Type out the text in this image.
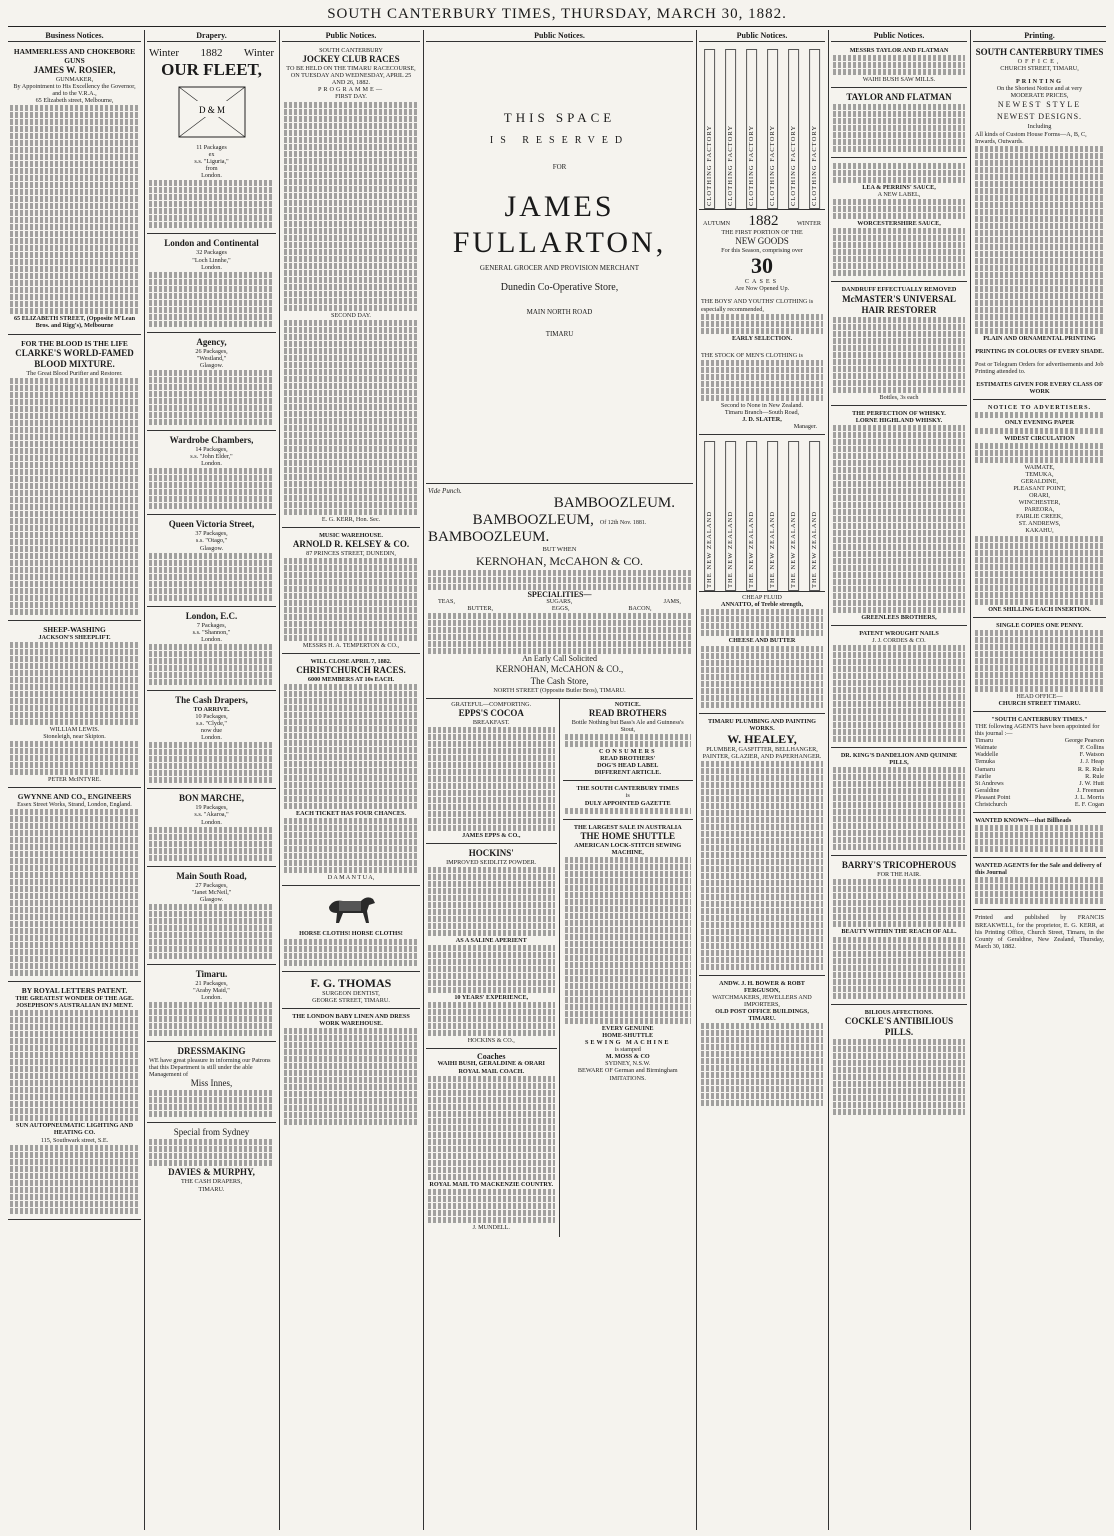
SOUTH CANTERBURY TIMES, THURSDAY, MARCH 30, 1882.
Business Notices.
HAMMERLESS AND CHOKEBORE GUNS
JAMES W. ROSIER,
GUNMAKER,
By Appointment to His Excellency the Governor, and to the V.R.A.,
65 Elizabeth street, Melbourne,
65 ELIZABETH STREET, (Opposite M'Lean Bros. and Rigg's), Melbourne
FOR THE BLOOD IS THE LIFE
CLARKE'S WORLD-FAMED BLOOD MIXTURE.
The Great Blood Purifier and Restorer.
SHEEP-WASHING
JACKSON'S SHEEPLIFT.
WILLIAM LEWIS.
Stoneleigh, near Skipton.
PETER McINTYRE.
GWYNNE AND CO., ENGINEERS
Essex Street Works, Strand, London, England.
BY ROYAL LETTERS PATENT.
THE GREATEST WONDER OF THE AGE.
JOSEPHSON'S AUSTRALIAN INJ MENT.
SUN AUTOPNEUMATIC LIGHTING AND HEATING CO.
115, Southwark street, S.E.
Drapery.
Winter 1882 Winter
OUR FLEET,
D & M
11 Packages
ex
s.s. "Liguria,"
from
London.
London and Continental
32 Packages
"Loch Linnhe,"
London.
Agency,
26 Packages,
"Westland,"
Glasgow.
Wardrobe Chambers,
14 Packages,
s.s. "John Elder,"
London.
Queen Victoria Street,
37 Packages,
s.s. "Otago,"
Glasgow.
London, E.C.
7 Packages,
s.s. "Shannon,"
London.
The Cash Drapers,
TO ARRIVE.
10 Packages,
s.s. "Clyde,"
now due
London.
BON MARCHE,
19 Packages,
s.s. "Akaroa,"
London.
Main South Road,
27 Packages,
"Janet McNeil,"
Glasgow.
Timaru.
21 Packages,
"Araby Maid,"
London.
DRESSMAKING
WE have great pleasure in informing our Patrons that this Department is still under the able Management of
Miss Innes,
Special from Sydney
DAVIES & MURPHY,
THE CASH DRAPERS,
TIMARU.
Public Notices.
SOUTH CANTERBURY
JOCKEY CLUB RACES
TO BE HELD ON THE TIMARU RACECOURSE,
ON TUESDAY AND WEDNESDAY, APRIL 25 AND 26, 1882.
PROGRAMME—
FIRST DAY.
SECOND DAY.
E. G. KERR, Hon. Sec.
MUSIC WAREHOUSE.
ARNOLD R. KELSEY & CO.
87 PRINCES STREET, DUNEDIN,
MESSRS H. A. TEMPERTON & CO.,
WILL CLOSE APRIL 7, 1882.
CHRISTCHURCH RACES.
6000 MEMBERS AT 10s EACH.
EACH TICKET HAS FOUR CHANCES.
D A M A N T U A,
HORSE CLOTHS! HORSE CLOTHS!
F. G. THOMAS
SURGEON DENTIST,
GEORGE STREET, TIMARU.
THE LONDON BABY LINEN AND DRESS WORK WAREHOUSE.
Public Notices.
THIS SPACE
IS RESERVED
FOR
JAMES FULLARTON,
GENERAL GROCER AND PROVISION MERCHANT
Dunedin Co-Operative Store,
MAIN NORTH ROAD
TIMARU
Vide Punch.
BAMBOOZLEUM.
BAMBOOZLEUM, Of 12th Nov. 1881.
BAMBOOZLEUM.
BUT WHEN
KERNOHAN, McCAHON & CO.
SPECIALITIES—
TEAS,	SUGARS,	JAMS,
BUTTER,	EGGS,	BACON,
An Early Call Solicited
KERNOHAN, McCAHON & CO.,
The Cash Store,
NORTH STREET (Opposite Butler Bros), TIMARU.
GRATEFUL—COMFORTING.
EPPS'S COCOA
BREAKFAST.
JAMES EPPS & CO.,
HOCKINS'
IMPROVED SEIDLITZ POWDER.
AS A SALINE APERIENT
10 YEARS' EXPERIENCE,
HOCKINS & CO.,
Coaches
WAIHI BUSH, GERALDINE & ORARI ROYAL MAIL COACH.
ROYAL MAIL TO MACKENZIE COUNTRY.
J. MUNDELL.
NOTICE.
READ BROTHERS
Bottle Nothing but Bass's Ale and Guinness's Stout,
CONSUMERS
READ BROTHERS'
DOG'S HEAD LABEL
DIFFERENT ARTICLE.
THE SOUTH CANTERBURY TIMES
is
DULY APPOINTED GAZETTE
THE LARGEST SALE IN AUSTRALIA
THE HOME SHUTTLE
AMERICAN LOCK-STITCH SEWING MACHINE,
EVERY GENUINE
HOME-SHUTTLE
SEWING MACHINE
is stamped
M. MOSS & CO
SYDNEY, N.S.W.
BEWARE OF German and Birmingham IMITATIONS.
Public Notices.
CLOTHING FACTORY	CLOTHING FACTORY	CLOTHING FACTORY	CLOTHING FACTORY	CLOTHING FACTORY	CLOTHING FACTORY
AUTUMN 1882	WINTER
THE FIRST PORTION OF THE
NEW GOODS
For this Season, comprising over
30
CASES
Are Now Opened Up.
THE BOYS' AND YOUTHS' CLOTHING is especially recommended,
EARLY SELECTION.
THE STOCK OF MEN'S CLOTHING is
Second to None in New Zealand.
Timaru Branch—South Road,
J. D. SLATER,
Manager.
THE NEW ZEALAND	THE NEW ZEALAND	THE NEW ZEALAND	THE NEW ZEALAND	THE NEW ZEALAND	THE NEW ZEALAND
CHEAP FLUID
ANNATTO, of Treble strength,
CHEESE AND BUTTER
TIMARU PLUMBING AND PAINTING WORKS.
W. HEALEY,
PLUMBER, GASFITTER, BELLHANGER, PAINTER, GLAZIER, AND PAPERHANGER.
ANDW. J. H. BOWER & ROBT FERGUSON,
WATCHMAKERS, JEWELLERS AND IMPORTERS,
OLD POST OFFICE BUILDINGS, TIMARU.
Public Notices.
MESSRS TAYLOR AND FLATMAN
WAIHI BUSH SAW MILLS.
TAYLOR AND FLATMAN
LEA & PERRINS' SAUCE,
A NEW LABEL,
WORCESTERSHIRE SAUCE,
DANDRUFF EFFECTUALLY REMOVED
McMASTER'S UNIVERSAL HAIR RESTORER
Bottles, 3s each
THE PERFECTION OF WHISKY.
LORNE HIGHLAND WHISKY.
GREENLEES BROTHERS,
PATENT WROUGHT NAILS
J. J. CORDES & CO.
DR. KING'S DANDELION AND QUININE PILLS,
BARRY'S TRICOPHEROUS
FOR THE HAIR.
BEAUTY WITHIN THE REACH OF ALL.
BILIOUS AFFECTIONS.
COCKLE'S ANTIBILIOUS PILLS.
Printing.
SOUTH CANTERBURY TIMES
OFFICE,
CHURCH STREET, TIMARU,
PRINTING
On the Shortest Notice and at very
MODERATE PRICES,
NEWEST STYLE
NEWEST DESIGNS.
Including
All kinds of Custom House Forms—A, B, C, Inwards, Outwards.
PLAIN AND ORNAMENTAL PRINTING
PRINTING IN COLOURS OF EVERY SHADE.
Post or Telegram Orders for advertisements and Job Printing attended to.
ESTIMATES GIVEN FOR EVERY CLASS OF WORK
NOTICE TO ADVERTISERS.
ONLY EVENING PAPER
WIDEST CIRCULATION
WAIMATE,
TEMUKA,
GERALDINE,
PLEASANT POINT,
ORARI,
WINCHESTER,
PAREORA,
FAIRLIE CREEK,
ST. ANDREWS,
KAKAHU,
ONE SHILLING EACH INSERTION.
SINGLE COPIES ONE PENNY.
HEAD OFFICE—
CHURCH STREET TIMARU.
"SOUTH CANTERBURY TIMES."
THE following AGENTS have been appointed for this journal :—
Timaru	George Pearson
Waimate	F. Collins
Waddelle	F. Watson
Temuka	J. J. Heap
Oamaru	R. R. Rule
Fairlie	R. Rule
St Andrews	J. W. Hutt
Geraldine	J. Freeman
Pleasant Point	J. L. Morris
Christchurch	E. F. Cogan
WANTED KNOWN—that Billheads
WANTED AGENTS for the Sale and delivery of this Journal
Printed and published by FRANCIS BREAKWELL, for the proprietor, E. G. KERR, at his Printing Office, Church Street, Timaru, in the County of Geraldine, New Zealand, Thursday, March 30, 1882.
